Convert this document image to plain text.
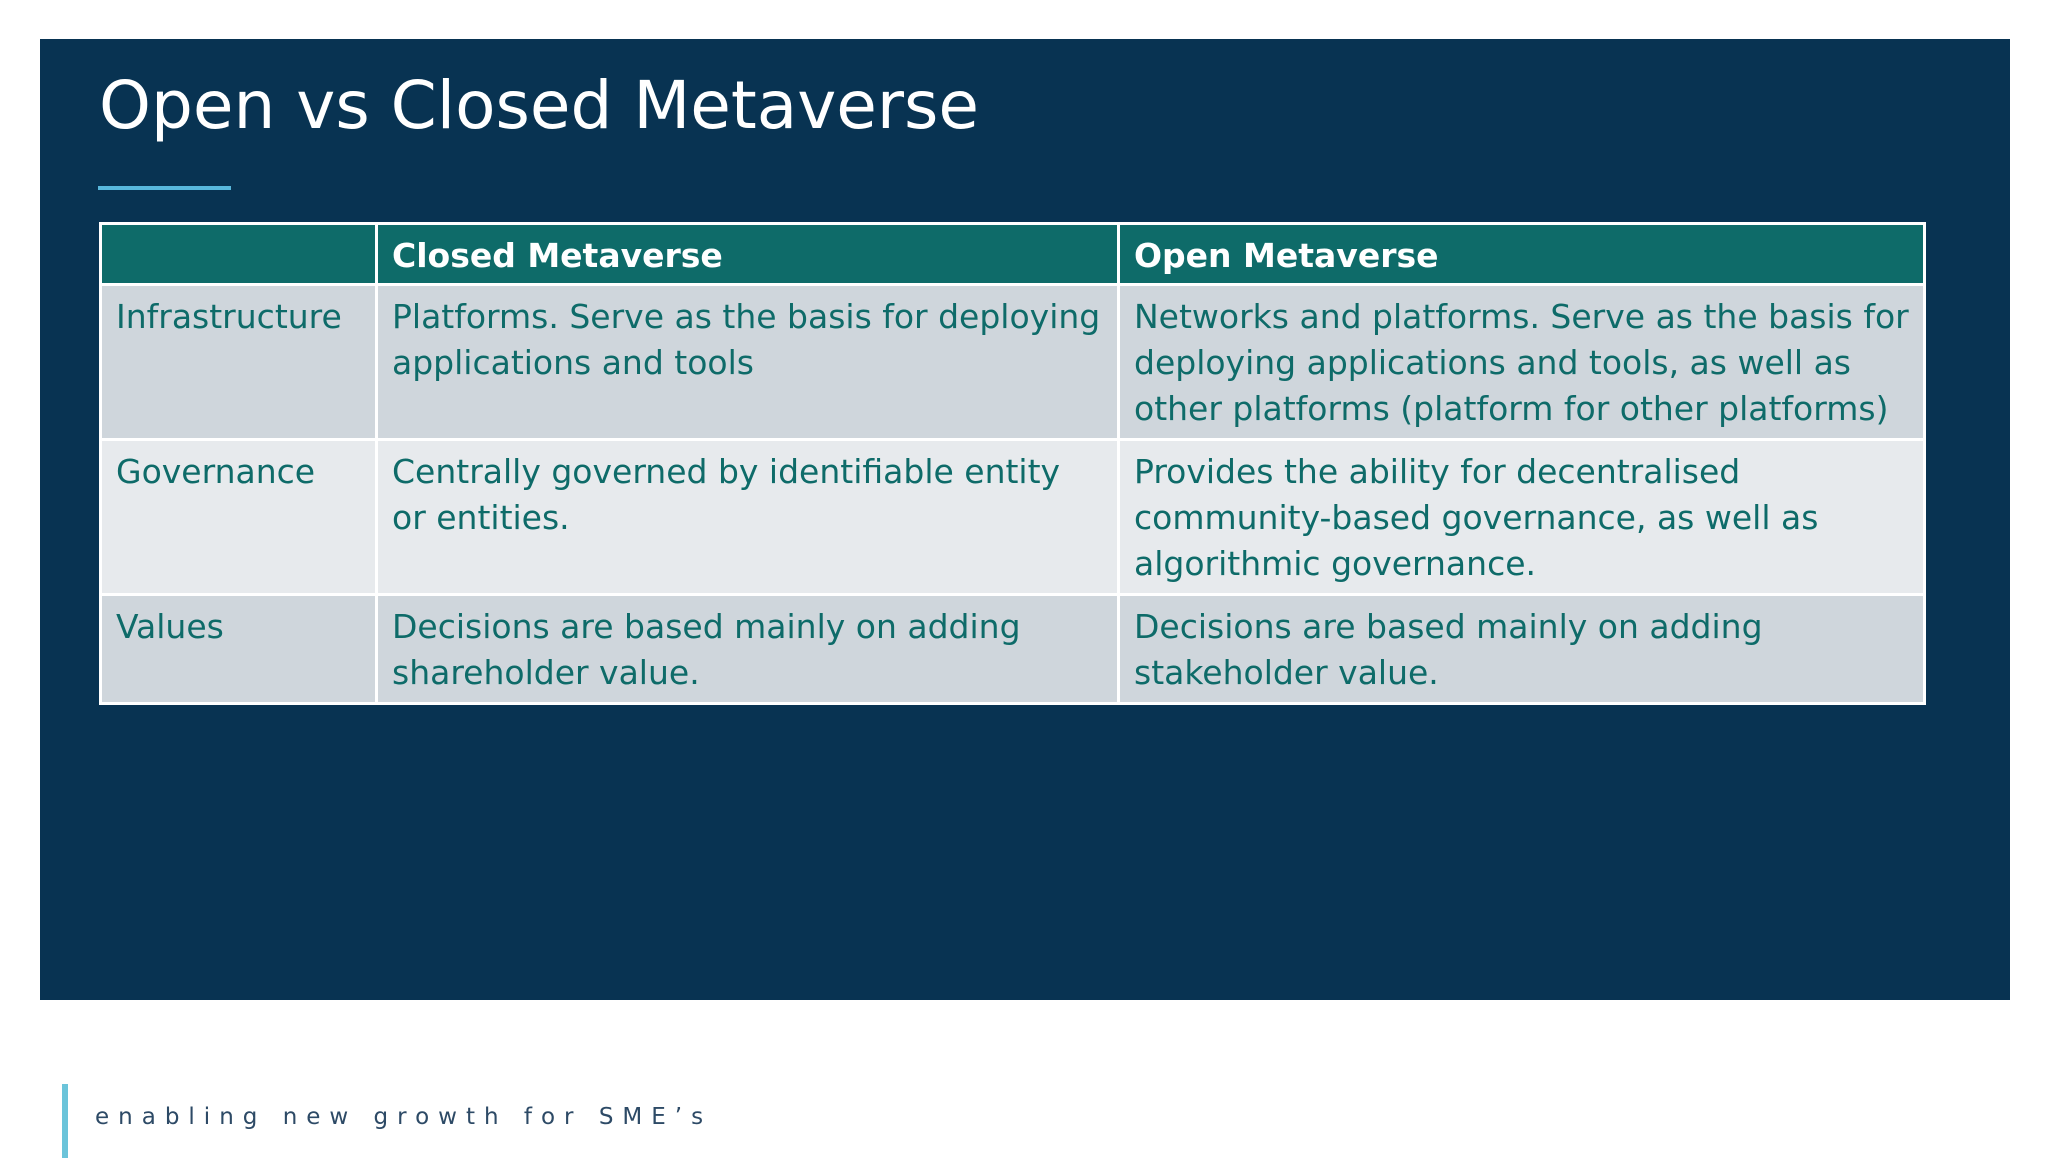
Open vs Closed Metaverse
	Closed Metaverse	Open Metaverse
Infrastructure	Platforms. Serve as the basis for deploying applications and tools	Networks and platforms. Serve as the basis for deploying applications and tools, as well as other platforms (platform for other platforms)
Governance	Centrally governed by identifiable entity or entities.	Provides the ability for decentralised community-based governance, as well as algorithmic governance.
Values	Decisions are based mainly on adding shareholder value.	Decisions are based mainly on adding stakeholder value.
enabling new growth for SME’s
